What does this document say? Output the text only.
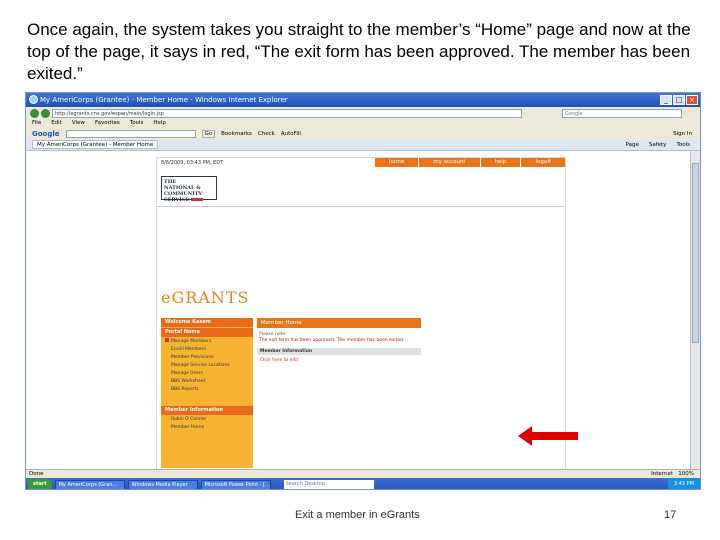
Once again, the system takes you straight to the member’s “Home” page and now at the top of the page, it says in red, “The exit form has been approved. The member has been exited.”
My AmeriCorps (Grantee) - Member Home - Windows Internet Explorer	_	□ ×
http://egrants.cns.gov/espan/main/login.jsp	Google
File Edit View Favorites Tools Help
Google	Go	Bookmarks Check AutoFill	Sign In
My AmeriCorps (Grantee) - Member Home	Page Safety Tools
8/6/2009, 03:43 PM, EDT	home	my account	help	logoff
THE
NATIONAL &
COMMUNITY
SERVICE
eGRANTS
Welcome Kasem
Portal Home
Manage Members
Enroll Members
Member Provisions
Manage Service Locations
Manage Users
BBS Worksheet
BBS Reports
Member Information
Rubin O Conner
Member Home
Member Home
Please note:
The exit form has been approved. The member has been exited.
Member Information
Click here to edit
Done	Internet 100%
start	My AmeriCorps (Gran...	Windows Media Player	Microsoft Power Point - [...	Search Desktop	3:43 PM
Exit a member in eGrants	17
